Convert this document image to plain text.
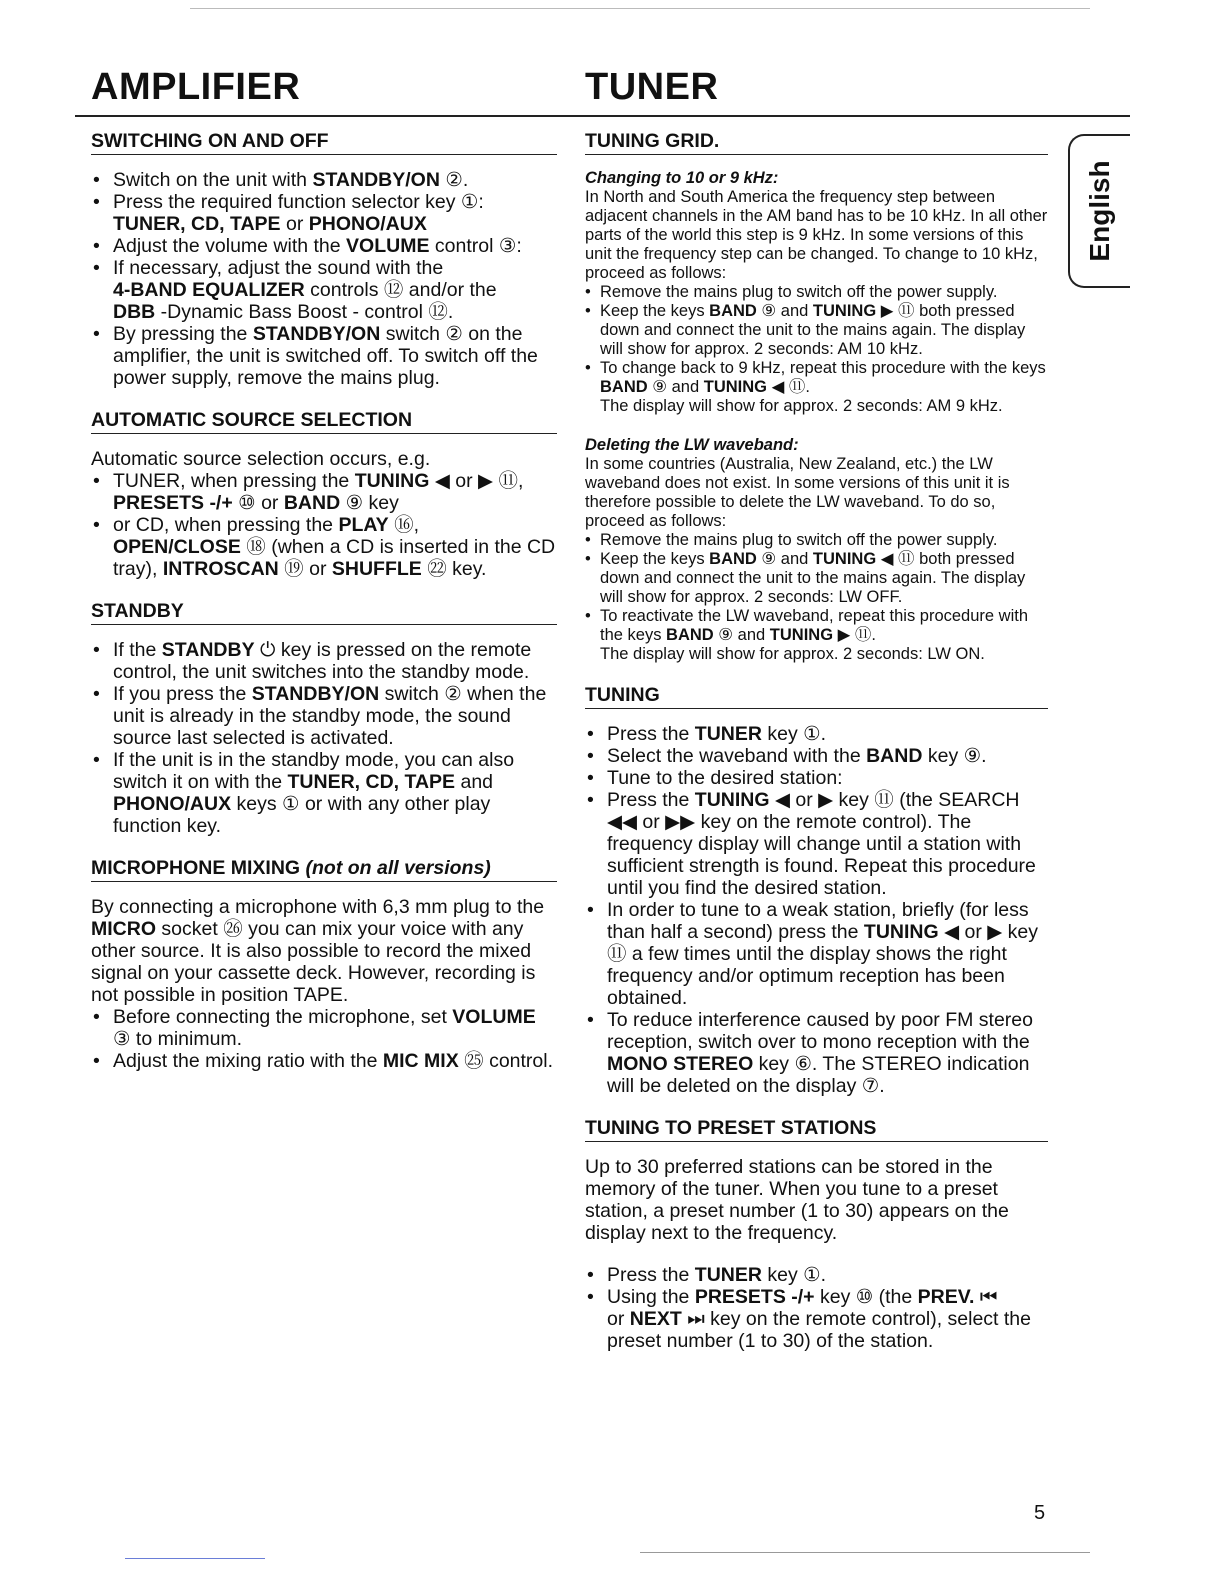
AMPLIFIER	TUNER
English
SWITCHING ON AND OFF
• Switch on the unit with STANDBY/ON ②.
• Press the required function selector key ①:
TUNER, CD, TAPE or PHONO/AUX
• Adjust the volume with the VOLUME control ③:
• If necessary, adjust the sound with the
4-BAND EQUALIZER controls ⑫ and/or the
DBB -Dynamic Bass Boost - control ⑫.
• By pressing the STANDBY/ON switch ② on the amplifier, the unit is switched off. To switch off the power supply, remove the mains plug.
AUTOMATIC SOURCE SELECTION

Automatic source selection occurs, e.g.

• TUNER, when pressing the TUNING ◀ or ▶ ⑪,
PRESETS -/+ ⑩ or BAND ⑨ key
• or CD, when pressing the PLAY ⑯,
OPEN/CLOSE ⑱ (when a CD is inserted in the CD tray), INTROSCAN ⑲ or SHUFFLE ㉒ key.
STANDBY
• If the STANDBY ⏻ key is pressed on the remote control, the unit switches into the standby mode.
• If you press the STANDBY/ON switch ② when the unit is already in the standby mode, the sound source last selected is activated.
• If the unit is in the standby mode, you can also switch it on with the TUNER, CD, TAPE and PHONO/AUX keys ① or with any other play function key.
MICROPHONE MIXING (not on all versions)

By connecting a microphone with 6,3 mm plug to the MICRO socket ㉖ you can mix your voice with any other source. It is also possible to record the mixed signal on your cassette deck. However, recording is not possible in position TAPE.

• Before connecting the microphone, set VOLUME ③ to minimum.
• Adjust the mixing ratio with the MIC MIX ㉕ control.
TUNING GRID.

Changing to 10 or 9 kHz:

In North and South America the frequency step between adjacent channels in the AM band has to be 10 kHz. In all other parts of the world this step is 9 kHz. In some versions of this unit the frequency step can be changed. To change to 10 kHz, proceed as follows:

• Remove the mains plug to switch off the power supply.
• Keep the keys BAND ⑨ and TUNING ▶ ⑪ both pressed down and connect the unit to the mains again. The display will show for approx. 2 seconds: AM 10 kHz.
• To change back to 9 kHz, repeat this procedure with the keys BAND ⑨ and TUNING ◀ ⑪.
The display will show for approx. 2 seconds: AM 9 kHz.

Deleting the LW waveband:

In some countries (Australia, New Zealand, etc.) the LW waveband does not exist. In some versions of this unit it is therefore possible to delete the LW waveband. To do so, proceed as follows:

• Remove the mains plug to switch off the power supply.
• Keep the keys BAND ⑨ and TUNING ◀ ⑪ both pressed down and connect the unit to the mains again. The display will show for approx. 2 seconds: LW OFF.
• To reactivate the LW waveband, repeat this procedure with the keys BAND ⑨ and TUNING ▶ ⑪.
The display will show for approx. 2 seconds: LW ON.
TUNING
• Press the TUNER key ①.
• Select the waveband with the BAND key ⑨.
• Tune to the desired station:
• Press the TUNING ◀ or ▶ key ⑪ (the SEARCH ◀◀ or ▶▶ key on the remote control). The frequency display will change until a station with sufficient strength is found. Repeat this procedure until you find the desired station.
• In order to tune to a weak station, briefly (for less than half a second) press the TUNING ◀ or ▶ key ⑪ a few times until the display shows the right frequency and/or optimum reception has been obtained.
• To reduce interference caused by poor FM stereo reception, switch over to mono reception with the MONO STEREO key ⑥. The STEREO indication will be deleted on the display ⑦.
TUNING TO PRESET STATIONS

Up to 30 preferred stations can be stored in the memory of the tuner. When you tune to a preset station, a preset number (1 to 30) appears on the display next to the frequency.

• Press the TUNER key ①.
• Using the PRESETS -/+ key ⑩ (the PREV. ⏮
or NEXT ⏭ key on the remote control), select the preset number (1 to 30) of the station.
5
